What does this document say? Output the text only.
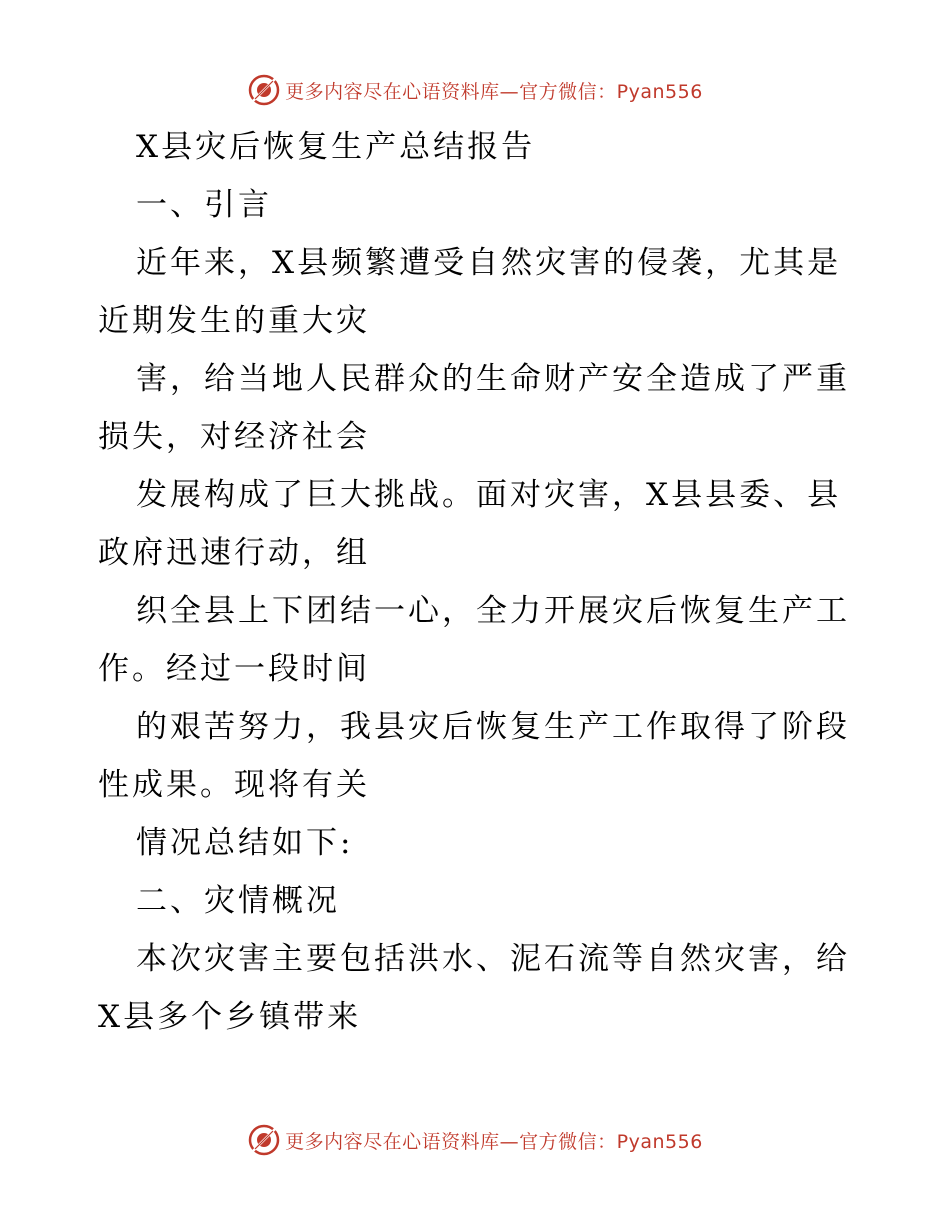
更多内容尽在心语资料库—官方微信：Pyan556
X县灾后恢复生产总结报告
一、引言
近年来，X县频繁遭受自然灾害的侵袭，尤其是
近期发生的重大灾
害，给当地人民群众的生命财产安全造成了严重
损失，对经济社会
发展构成了巨大挑战。面对灾害，X县县委、县
政府迅速行动，组
织全县上下团结一心，全力开展灾后恢复生产工
作。经过一段时间
的艰苦努力，我县灾后恢复生产工作取得了阶段
性成果。现将有关
情况总结如下:
二、灾情概况
本次灾害主要包括洪水、泥石流等自然灾害，给
X县多个乡镇带来
更多内容尽在心语资料库—官方微信：Pyan556
